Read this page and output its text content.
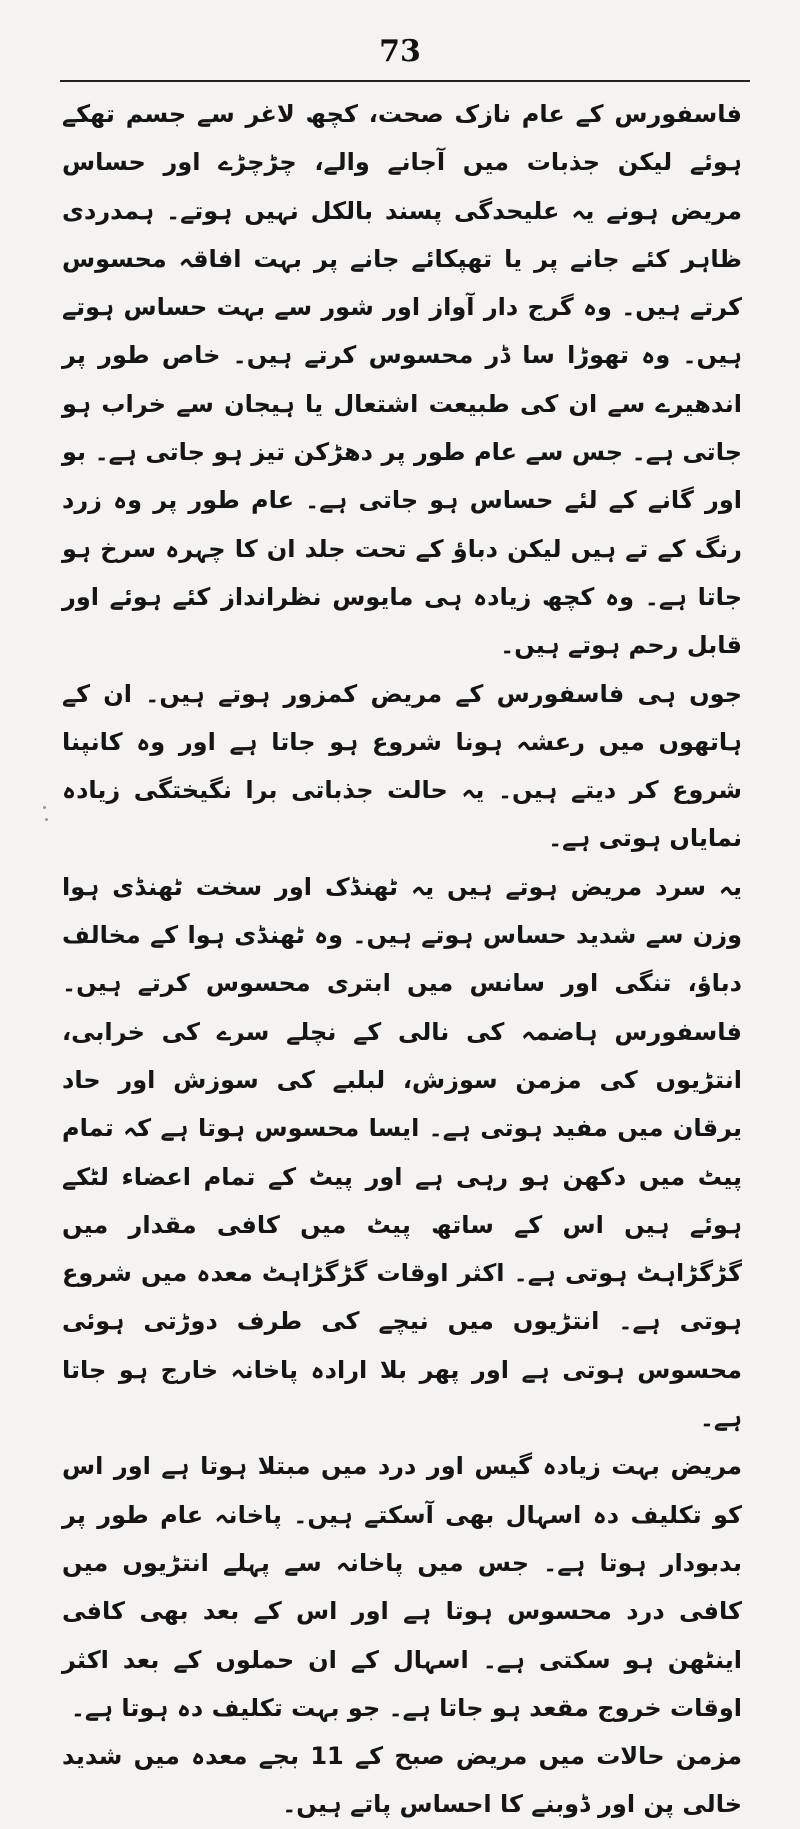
73

فاسفورس کے عام نازک صحت، کچھ لاغر سے جسم تھکے ہوئے لیکن جذبات میں آجانے والے، چڑچڑے اور حساس مریض ہونے یہ علیحدگی پسند بالکل نہیں ہوتے۔ ہمدردی ظاہر کئے جانے پر یا تھپکائے جانے پر بہت افاقہ محسوس کرتے ہیں۔ وہ گرج دار آواز اور شور سے بہت حساس ہوتے ہیں۔ وہ تھوڑا سا ڈر محسوس کرتے ہیں۔ خاص طور پر اندھیرے سے ان کی طبیعت اشتعال یا ہیجان سے خراب ہو جاتی ہے۔ جس سے عام طور پر دھڑکن تیز ہو جاتی ہے۔ بو اور گانے کے لئے حساس ہو جاتی ہے۔ عام طور پر وہ زرد رنگ کے تے ہیں لیکن دباؤ کے تحت جلد ان کا چہرہ سرخ ہو جاتا ہے۔ وہ کچھ زیادہ ہی مایوس نظرانداز کئے ہوئے اور قابل رحم ہوتے ہیں۔

جوں ہی فاسفورس کے مریض کمزور ہوتے ہیں۔ ان کے ہاتھوں میں رعشہ ہونا شروع ہو جاتا ہے اور وہ کانپنا شروع کر دیتے ہیں۔ یہ حالت جذباتی برا نگیختگی زیادہ نمایاں ہوتی ہے۔

یہ سرد مریض ہوتے ہیں یہ ٹھنڈک اور سخت ٹھنڈی ہوا وزن سے شدید حساس ہوتے ہیں۔ وہ ٹھنڈی ہوا کے مخالف دباؤ، تنگی اور سانس میں ابتری محسوس کرتے ہیں۔ فاسفورس ہاضمہ کی نالی کے نچلے سرے کی خرابی، انتڑیوں کی مزمن سوزش، لبلبے کی سوزش اور حاد یرقان میں مفید ہوتی ہے۔ ایسا محسوس ہوتا ہے کہ تمام پیٹ میں دکھن ہو رہی ہے اور پیٹ کے تمام اعضاء لٹکے ہوئے ہیں اس کے ساتھ پیٹ میں کافی مقدار میں گڑگڑاہٹ ہوتی ہے۔ اکثر اوقات گڑگڑاہٹ معدہ میں شروع ہوتی ہے۔ انتڑیوں میں نیچے کی طرف دوڑتی ہوئی محسوس ہوتی ہے اور پھر بلا ارادہ پاخانہ خارج ہو جاتا ہے۔

مریض بہت زیادہ گیس اور درد میں مبتلا ہوتا ہے اور اس کو تکلیف دہ اسہال بھی آسکتے ہیں۔ پاخانہ عام طور پر بدبودار ہوتا ہے۔ جس میں پاخانہ سے پہلے انتڑیوں میں کافی درد محسوس ہوتا ہے اور اس کے بعد بھی کافی اینٹھن ہو سکتی ہے۔ اسہال کے ان حملوں کے بعد اکثر اوقات خروج مقعد ہو جاتا ہے۔ جو بہت تکلیف دہ ہوتا ہے۔

مزمن حالات میں مریض صبح کے 11 بجے معدہ میں شدید خالی پن اور ڈوبنے کا احساس پاتے ہیں۔
